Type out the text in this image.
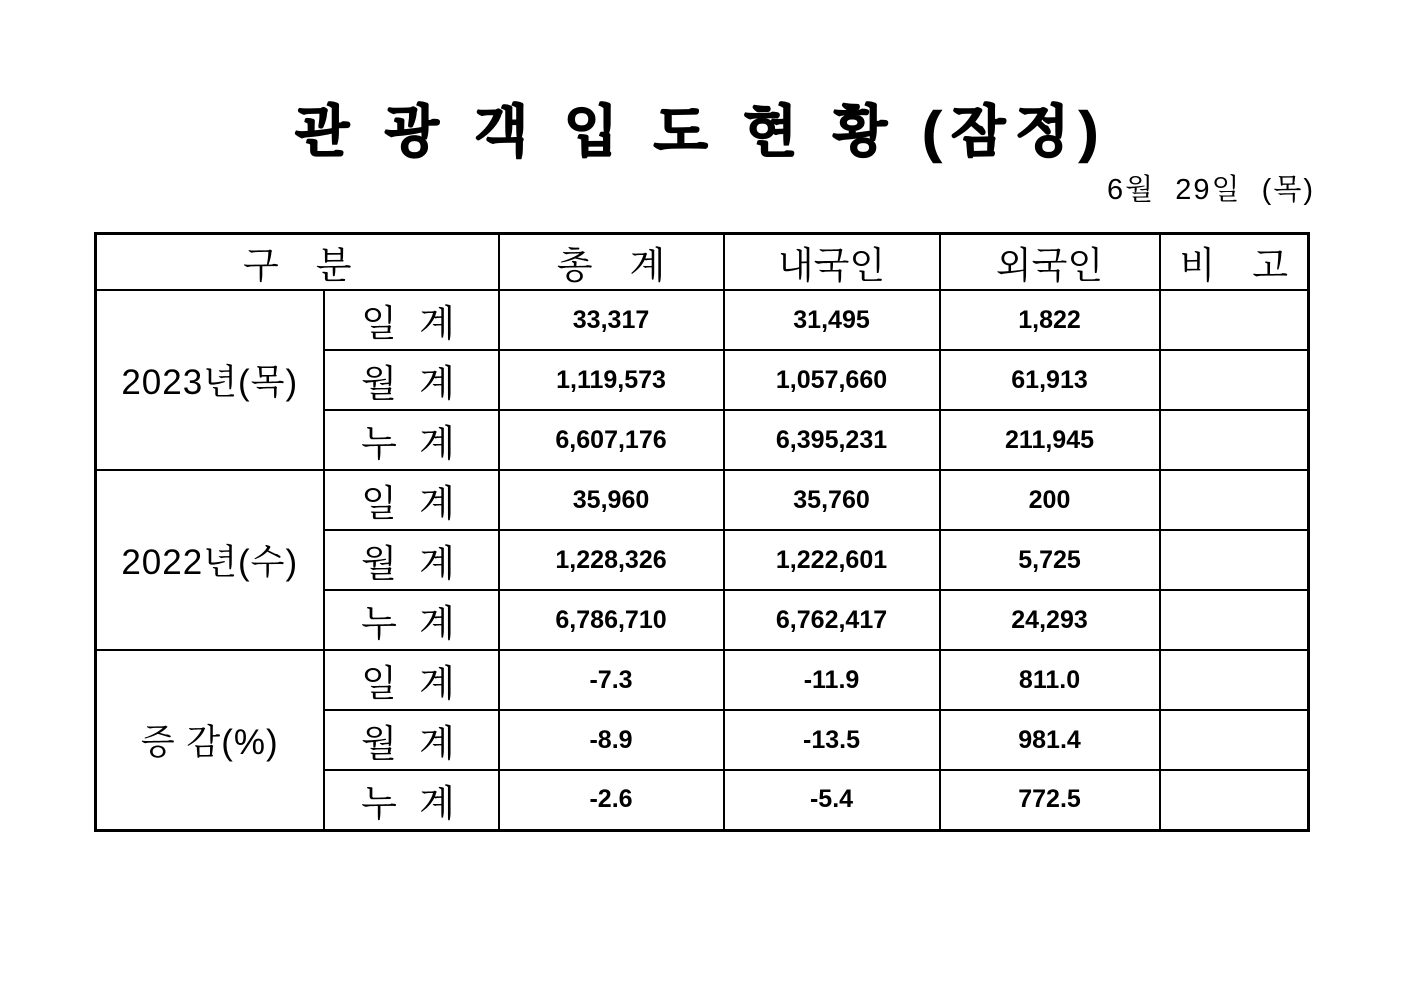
관 광 객 입 도 현 황 (잠정)
6월  29일  (목)
구　분		총　계	내국인	외국인	비　고
2023년(목)	일 계	33,317	31,495	1,822	
	월 계	1,119,573	1,057,660	61,913	
	누 계	6,607,176	6,395,231	211,945	
2022년(수)	일 계	35,960	35,760	200	
	월 계	1,228,326	1,222,601	5,725	
	누 계	6,786,710	6,762,417	24,293	
증 감(%)	일 계	-7.3	-11.9	811.0	
	월 계	-8.9	-13.5	981.4	
	누 계	-2.6	-5.4	772.5	
